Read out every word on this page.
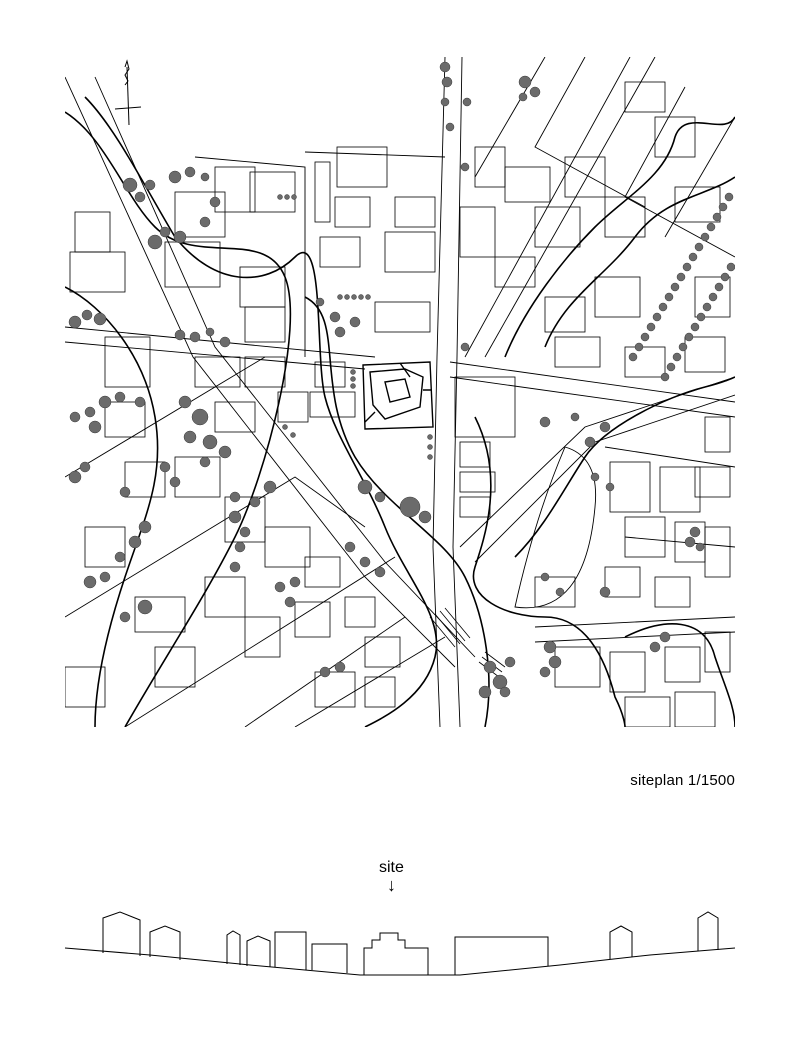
siteplan 1/1500
site
↓
